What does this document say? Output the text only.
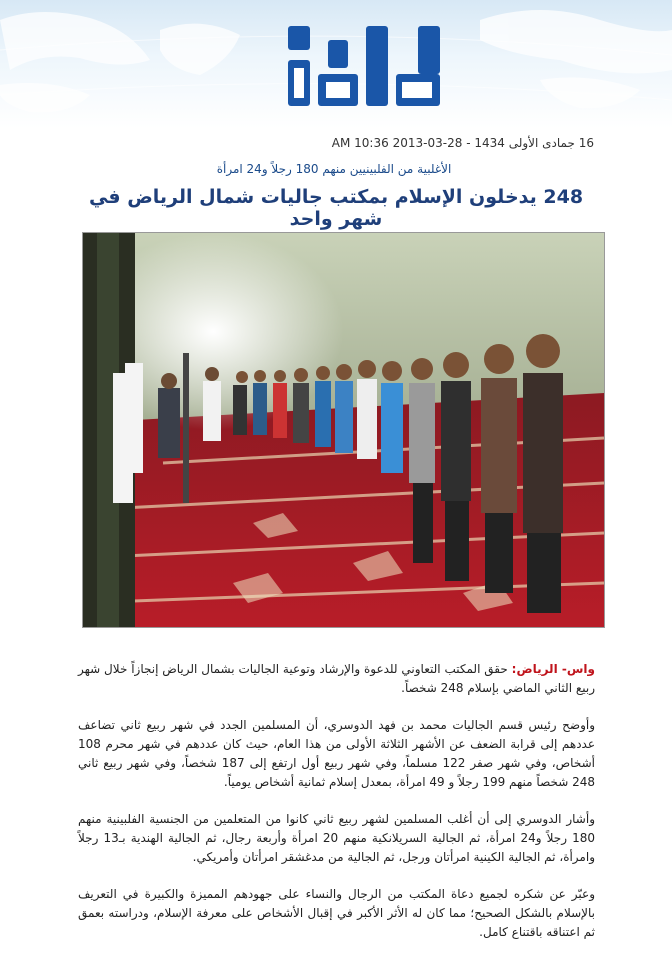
16 جمادى الأولى 1434 - 28-03-2013 AM 10:36
الأغلبية من الفلبينيين منهم 180 رجلاً و24 امرأة
248 يدخلون الإسلام بمكتب جاليات شمال الرياض في شهر واحد

واس- الرياض: حقق المكتب التعاوني للدعوة والإرشاد وتوعية الجاليات بشمال الرياض إنجازاً خلال شهر ربيع الثاني الماضي بإسلام 248 شخصاً.

وأوضح رئيس قسم الجاليات محمد بن فهد الدوسري، أن المسلمين الجدد في شهر ربيع ثاني تضاعف عددهم إلى قرابة الضعف عن الأشهر الثلاثة الأولى من هذا العام، حيث كان عددهم في شهر محرم 108 أشخاص، وفي شهر صفر 122 مسلماً، وفي شهر ربيع أول ارتفع إلى 187 شخصاً، وفي شهر ربيع ثاني 248 شخصاً منهم 199 رجلاً و 49 امرأة، بمعدل إسلام ثمانية أشخاص يومياً.

وأشار الدوسري إلى أن أغلب المسلمين لشهر ربيع ثاني كانوا من المتعلمين من الجنسية الفلبينية منهم 180 رجلاً و24 امرأة، ثم الجالية السريلانكية منهم 20 امرأة وأربعة رجال، ثم الجالية الهندية بـ13 رجلاً وامرأة، ثم الجالية الكينية امرأتان ورجل، ثم الجالية من مدغشقر امرأتان وأمريكي.

وعبّر عن شكره لجميع دعاة المكتب من الرجال والنساء على جهودهم المميزة والكبيرة في التعريف بالإسلام بالشكل الصحيح؛ مما كان له الأثر الأكبر في إقبال الأشخاص على معرفة الإسلام، ودراسته بعمق ثم اعتناقه باقتناع كامل.
